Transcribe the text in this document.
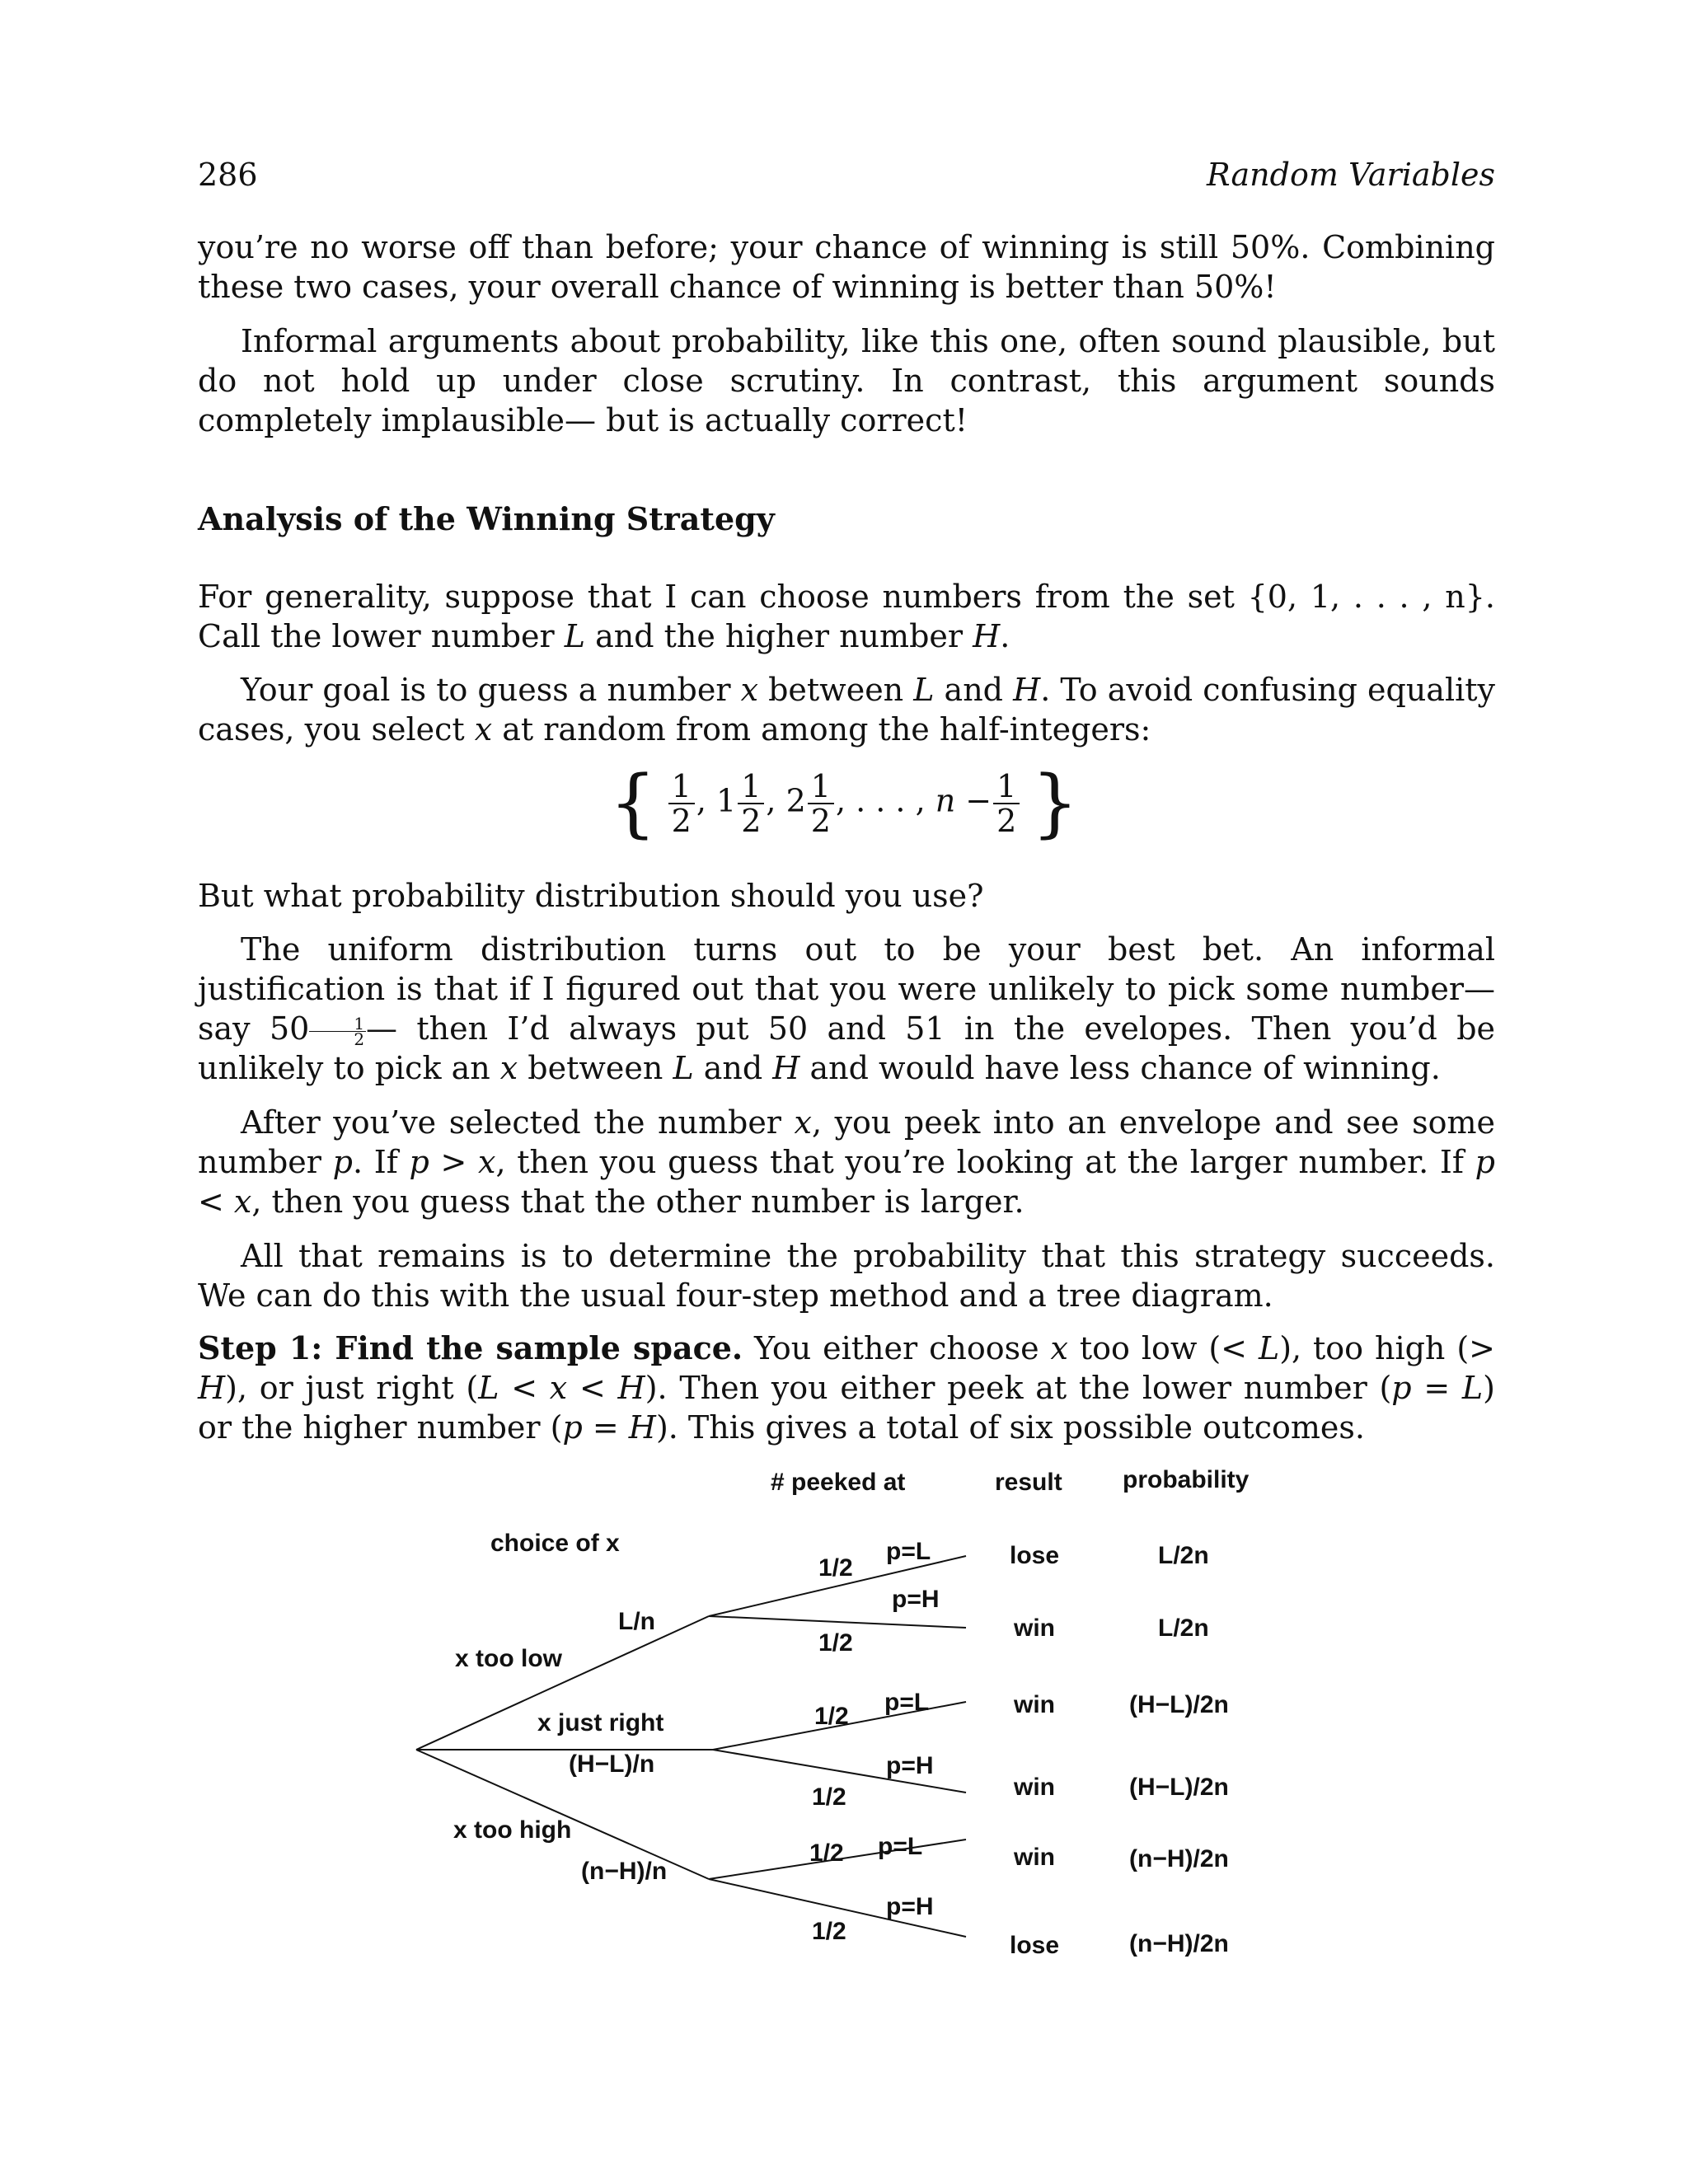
286	Random Variables
you’re no worse off than before; your chance of winning is still 50%. Combining these two cases, your overall chance of winning is better than 50%!
Informal arguments about probability, like this one, often sound plausible, but do not hold up under close scrutiny. In contrast, this argument sounds completely implausible— but is actually correct!
Analysis of the Winning Strategy
For generality, suppose that I can choose numbers from the set {0, 1, . . . , n}. Call the lower number L and the higher number H.
Your goal is to guess a number x between L and H. To avoid confusing equality cases, you select x at random from among the half-integers:
{ $\frac{1}{2}$ , $1 \frac{1}{2}$ , $2 \frac{1}{2}$ , . . . , $n - \frac{1}{2}$ }
But what probability distribution should you use?
The uniform distribution turns out to be your best bet. An informal justification is that if I figured out that you were unlikely to pick some number— say $50 \frac{1}{2}$ — then I’d always put 50 and 51 in the evelopes. Then you’d be unlikely to pick an x between L and H and would have less chance of winning.
After you’ve selected the number x, you peek into an envelope and see some number p. If p > x, then you guess that you’re looking at the larger number. If p < x, then you guess that the other number is larger.
All that remains is to determine the probability that this strategy succeeds. We can do this with the usual four-step method and a tree diagram.
Step 1: Find the sample space. You either choose x too low (< L), too high (> H), or just right (L < x < H). Then you either peek at the lower number (p = L) or the higher number (p = H). This gives a total of six possible outcomes.
# peeked at	result probability
choice of x
x too low
L/n
x just right
(H−L)/n
x too high
(n−H)/n
1/2
1/2
1/2
1/2
1/2
1/2
p=L
p=H
p=L
p=H
p=L
p=H
lose
win
win
win
win
lose
L/2n
L/2n
(H−L)/2n
(H−L)/2n
(n−H)/2n
(n−H)/2n
